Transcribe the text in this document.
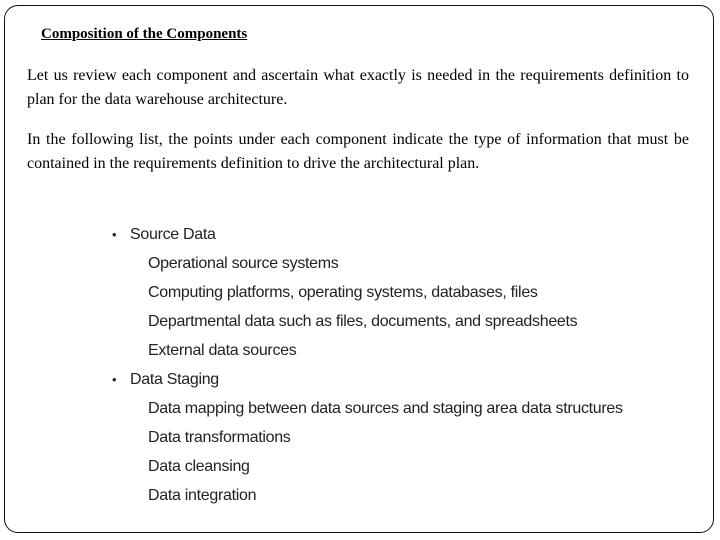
Composition of the Components

Let us review each component and ascertain what exactly is needed in the requirements definition to plan for the data warehouse architecture.

In the following list, the points under each component indicate the type of information that must be contained in the requirements definition to drive the architectural plan.

• Source Data
Operational source systems
Computing platforms, operating systems, databases, files
Departmental data such as files, documents, and spreadsheets
External data sources
• Data Staging
Data mapping between data sources and staging area data structures
Data transformations
Data cleansing
Data integration
